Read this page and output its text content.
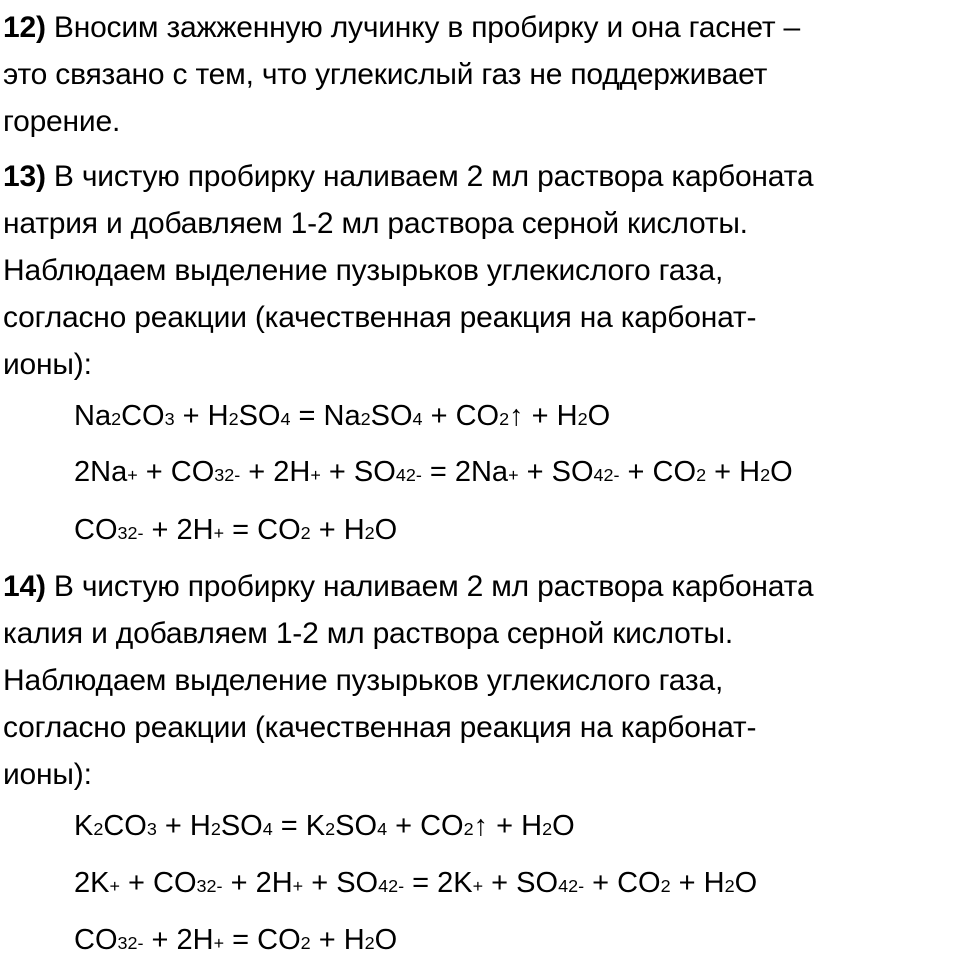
12) Вносим зажженную лучинку в пробирку и она гаснет –
это связано с тем, что углекислый газ не поддерживает
горение.
13) В чистую пробирку наливаем 2 мл раствора карбоната
натрия и добавляем 1-2 мл раствора серной кислоты.
Наблюдаем выделение пузырьков углекислого газа,
согласно реакции (качественная реакция на карбонат-
ионы):
Na2CO3 + H2SO4 = Na2SO4 + CO2↑ + H2O
2Na+ + CO32- + 2H+ + SO42- = 2Na+ + SO42- + CO2 + H2O
CO32- + 2H+ = CO2 + H2O
14) В чистую пробирку наливаем 2 мл раствора карбоната
калия и добавляем 1-2 мл раствора серной кислоты.
Наблюдаем выделение пузырьков углекислого газа,
согласно реакции (качественная реакция на карбонат-
ионы):
K2CO3 + H2SO4 = K2SO4 + CO2↑ + H2O
2K+ + CO32- + 2H+ + SO42- = 2K+ + SO42- + CO2 + H2O
CO32- + 2H+ = CO2 + H2O
